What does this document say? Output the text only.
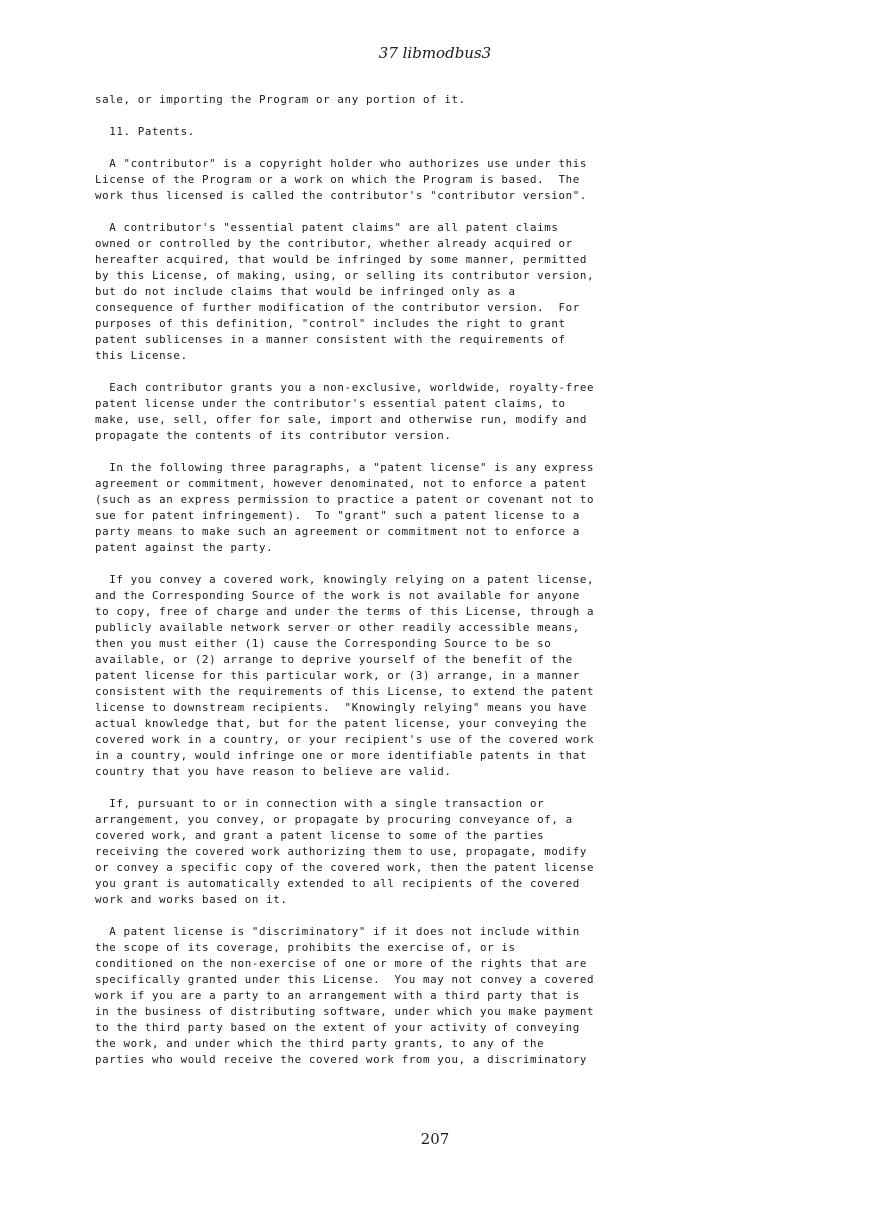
37 libmodbus3
sale, or importing the Program or any portion of it.
11. Patents.
A "contributor" is a copyright holder who authorizes use under this
License of the Program or a work on which the Program is based.  The
work thus licensed is called the contributor's "contributor version".
A contributor's "essential patent claims" are all patent claims
owned or controlled by the contributor, whether already acquired or
hereafter acquired, that would be infringed by some manner, permitted
by this License, of making, using, or selling its contributor version,
but do not include claims that would be infringed only as a
consequence of further modification of the contributor version.  For
purposes of this definition, "control" includes the right to grant
patent sublicenses in a manner consistent with the requirements of
this License.
Each contributor grants you a non-exclusive, worldwide, royalty-free
patent license under the contributor's essential patent claims, to
make, use, sell, offer for sale, import and otherwise run, modify and
propagate the contents of its contributor version.
In the following three paragraphs, a "patent license" is any express
agreement or commitment, however denominated, not to enforce a patent
(such as an express permission to practice a patent or covenant not to
sue for patent infringement).  To "grant" such a patent license to a
party means to make such an agreement or commitment not to enforce a
patent against the party.
If you convey a covered work, knowingly relying on a patent license,
and the Corresponding Source of the work is not available for anyone
to copy, free of charge and under the terms of this License, through a
publicly available network server or other readily accessible means,
then you must either (1) cause the Corresponding Source to be so
available, or (2) arrange to deprive yourself of the benefit of the
patent license for this particular work, or (3) arrange, in a manner
consistent with the requirements of this License, to extend the patent
license to downstream recipients.  "Knowingly relying" means you have
actual knowledge that, but for the patent license, your conveying the
covered work in a country, or your recipient's use of the covered work
in a country, would infringe one or more identifiable patents in that
country that you have reason to believe are valid.
If, pursuant to or in connection with a single transaction or
arrangement, you convey, or propagate by procuring conveyance of, a
covered work, and grant a patent license to some of the parties
receiving the covered work authorizing them to use, propagate, modify
or convey a specific copy of the covered work, then the patent license
you grant is automatically extended to all recipients of the covered
work and works based on it.
A patent license is "discriminatory" if it does not include within
the scope of its coverage, prohibits the exercise of, or is
conditioned on the non-exercise of one or more of the rights that are
specifically granted under this License.  You may not convey a covered
work if you are a party to an arrangement with a third party that is
in the business of distributing software, under which you make payment
to the third party based on the extent of your activity of conveying
the work, and under which the third party grants, to any of the
parties who would receive the covered work from you, a discriminatory
207
